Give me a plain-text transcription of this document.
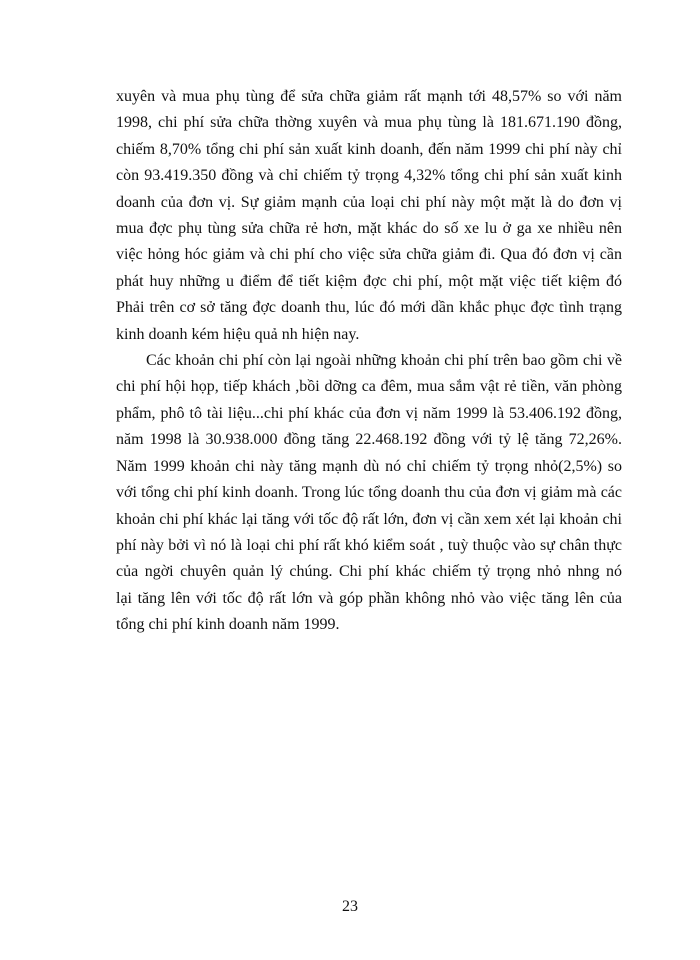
xuyên và mua phụ tùng để sửa chữa giảm rất mạnh tới 48,57% so với năm

1998, chi phí sửa chữa thờng xuyên và mua phụ tùng là 181.671.190 đồng,

chiếm 8,70% tổng chi phí sản xuất kinh doanh, đến năm 1999 chi phí này chỉ

còn 93.419.350 đồng và chỉ chiếm tỷ trọng 4,32% tổng chi phí sản xuất kinh

doanh của đơn vị. Sự giảm mạnh của loại chi phí này một mặt là do đơn vị

mua đợc phụ tùng sửa chữa rẻ hơn, mặt khác do số xe lu ở ga xe nhiều nên

việc hỏng hóc giảm và chi phí cho việc sửa chữa giảm đi. Qua đó đơn vị cần

phát huy những u điểm để tiết kiệm đợc chi phí, một mặt việc tiết kiệm đó

Phải trên cơ sở tăng đợc doanh thu, lúc đó mới dần khắc phục đợc tình trạng

kinh doanh kém hiệu quả nh hiện nay.

Các khoản chi phí còn lại ngoài những khoản chi phí trên bao gồm chi về

chi phí hội họp, tiếp khách ,bồi dỡng ca đêm, mua sắm vật rẻ tiền, văn phòng

phẩm, phô tô tài liệu...chi phí khác của đơn vị năm 1999 là 53.406.192 đồng,

năm 1998 là 30.938.000 đồng tăng 22.468.192 đồng với tỷ lệ tăng 72,26%.

Năm 1999 khoản chi này tăng mạnh dù nó chỉ chiếm tỷ trọng nhỏ(2,5%) so

với tổng chi phí kinh doanh. Trong lúc tổng doanh thu của đơn vị giảm mà các

khoản chi phí khác lại tăng với tốc độ rất lớn, đơn vị cần xem xét lại khoản chi

phí này bởi vì nó là loại chi phí rất khó kiểm soát , tuỳ thuộc vào sự chân thực

của ngời chuyên quản lý chúng. Chi phí khác chiếm tỷ trọng nhỏ nhng nó

lại tăng lên với tốc độ rất lớn và góp phần không nhỏ vào việc tăng lên của

tổng chi phí kinh doanh năm 1999.

23
